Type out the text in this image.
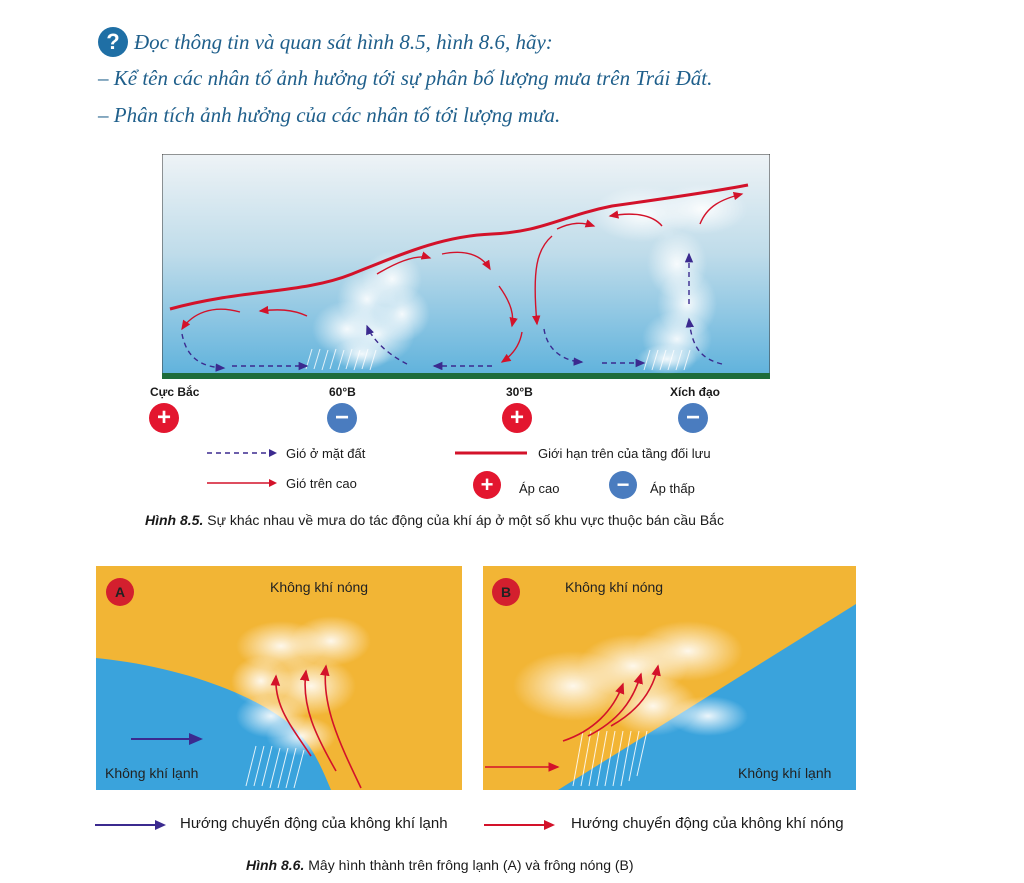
? Đọc thông tin và quan sát hình 8.5, hình 8.6, hãy:
– Kể tên các nhân tố ảnh hưởng tới sự phân bố lượng mưa trên Trái Đất.
– Phân tích ảnh hưởng của các nhân tố tới lượng mưa.
Cực Bắc	60°B	30°B	Xích đạo
+	−	+	−
Gió ở mặt đất
Gió trên cao
Giới hạn trên của tầng đối lưu
+	Áp cao	−	Áp thấp
Hình 8.5. Sự khác nhau về mưa do tác động của khí áp ở một số khu vực thuộc bán cầu Bắc
A	Không khí nóng
Không khí lạnh
B	Không khí nóng
Không khí lạnh
Hướng chuyển động của không khí lạnh	Hướng chuyển động của không khí nóng
Hình 8.6. Mây hình thành trên frông lạnh (A) và frông nóng (B)
